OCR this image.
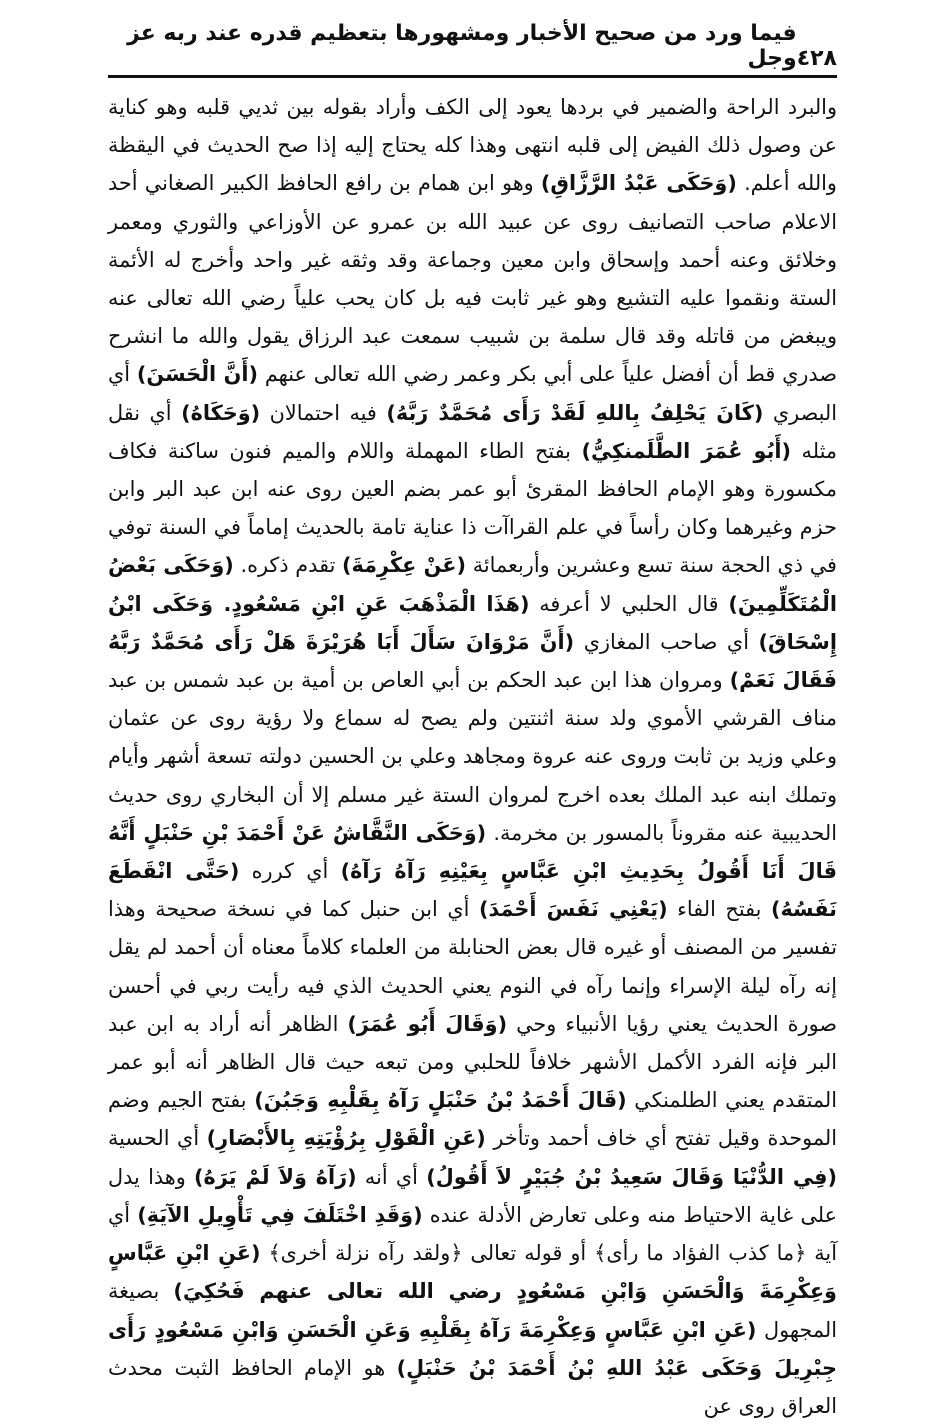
٤٢٨
فيما ورد من صحيح الأخبار ومشهورها بتعظيم قدره عند ربه عز وجل

والبرد الراحة والضمير في بردها يعود إلى الكف وأراد بقوله بين ثديي قلبه وهو كناية عن وصول ذلك الفيض إلى قلبه انتهى وهذا كله يحتاج إليه إذا صح الحديث في اليقظة والله أعلم. (وَحَكَى عَبْدُ الرَّزَّاقِ) وهو ابن همام بن رافع الحافظ الكبير الصغاني أحد الاعلام صاحب التصانيف روى عن عبيد الله بن عمرو عن الأوزاعي والثوري ومعمر وخلائق وعنه أحمد وإسحاق وابن معين وجماعة وقد وثقه غير واحد وأخرج له الأئمة الستة ونقموا عليه التشيع وهو غير ثابت فيه بل كان يحب علياً رضي الله تعالى عنه ويبغض من قاتله وقد قال سلمة بن شبيب سمعت عبد الرزاق يقول والله ما انشرح صدري قط أن أفضل علياً على أبي بكر وعمر رضي الله تعالى عنهم (أَنَّ الْحَسَنَ) أي البصري (كَانَ يَحْلِفُ بِاللهِ لَقَدْ رَأَى مُحَمَّدٌ رَبَّهُ) فيه احتمالان (وَحَكَاهُ) أي نقل مثله (أَبُو عُمَرَ الطَّلَمنكِيُّ) بفتح الطاء المهملة واللام والميم فنون ساكنة فكاف مكسورة وهو الإمام الحافظ المقرئ أبو عمر بضم العين روى عنه ابن عبد البر وابن حزم وغيرهما وكان رأساً في علم القراآت ذا عناية تامة بالحديث إماماً في السنة توفي في ذي الحجة سنة تسع وعشرين وأربعمائة (عَنْ عِكْرِمَةَ) تقدم ذكره. (وَحَكَى بَعْضُ الْمُتَكَلِّمِينَ) قال الحلبي لا أعرفه (هَذَا الْمَذْهَبَ عَنِ ابْنِ مَسْعُودٍ. وَحَكَى ابْنُ إِسْحَاقَ) أي صاحب المغازي (أَنَّ مَرْوَانَ سَأَلَ أَبَا هُرَيْرَةَ هَلْ رَأَى مُحَمَّدٌ رَبَّهُ فَقَالَ نَعَمْ) ومروان هذا ابن عبد الحكم بن أبي العاص بن أمية بن عبد شمس بن عبد مناف القرشي الأموي ولد سنة اثنتين ولم يصح له سماع ولا رؤية روى عن عثمان وعلي وزيد بن ثابت وروى عنه عروة ومجاهد وعلي بن الحسين دولته تسعة أشهر وأيام وتملك ابنه عبد الملك بعده اخرج لمروان الستة غير مسلم إلا أن البخاري روى حديث الحديبية عنه مقروناً بالمسور بن مخرمة. (وَحَكَى النَّقَّاشُ عَنْ أَحْمَدَ بْنِ حَنْبَلٍ أَنَّهُ قَالَ أَنَا أَقُولُ بِحَدِيثِ ابْنِ عَبَّاسٍ بِعَيْنِهِ رَآهُ رَآهُ) أي كرره (حَتَّى انْقَطَعَ نَفَسُهُ) بفتح الفاء (يَعْنِي نَفَسَ أَحْمَدَ) أي ابن حنبل كما في نسخة صحيحة وهذا تفسير من المصنف أو غيره قال بعض الحنابلة من العلماء كلاماً معناه أن أحمد لم يقل إنه رآه ليلة الإسراء وإنما رآه في النوم يعني الحديث الذي فيه رأيت ربي في أحسن صورة الحديث يعني رؤيا الأنبياء وحي (وَقَالَ أَبُو عُمَرَ) الظاهر أنه أراد به ابن عبد البر فإنه الفرد الأكمل الأشهر خلافاً للحلبي ومن تبعه حيث قال الظاهر أنه أبو عمر المتقدم يعني الطلمنكي (قَالَ أَحْمَدُ بْنُ حَنْبَلٍ رَآهُ بِقَلْبِهِ وَجَبُنَ) بفتح الجيم وضم الموحدة وقيل تفتح أي خاف أحمد وتأخر (عَنِ الْقَوْلِ بِرُؤْيَتِهِ بِالأَبْصَارِ) أي الحسية (فِي الدُّنْيَا وَقَالَ سَعِيدُ بْنُ جُبَيْرٍ لاَ أَقُولُ) أي أنه (رَآهُ وَلاَ لَمْ يَرَهُ) وهذا يدل على غاية الاحتياط منه وعلى تعارض الأدلة عنده (وَقَدِ اخْتَلَفَ فِي تَأْوِيلِ الآيَةِ) أي آية ﴿ما كذب الفؤاد ما رأى﴾ أو قوله تعالى ﴿ولقد رآه نزلة أخرى﴾ (عَنِ ابْنِ عَبَّاسٍ وَعِكْرِمَةَ وَالْحَسَنِ وَابْنِ مَسْعُودٍ رضي الله تعالى عنهم فَحُكِيَ) بصيغة المجهول (عَنِ ابْنِ عَبَّاسٍ وَعِكْرِمَةَ رَآهُ بِقَلْبِهِ وَعَنِ الْحَسَنِ وَابْنِ مَسْعُودٍ رَأَى جِبْرِيلَ وَحَكَى عَبْدُ اللهِ بْنُ أَحْمَدَ بْنُ حَنْبَلٍ) هو الإمام الحافظ الثبت محدث العراق روى عن
